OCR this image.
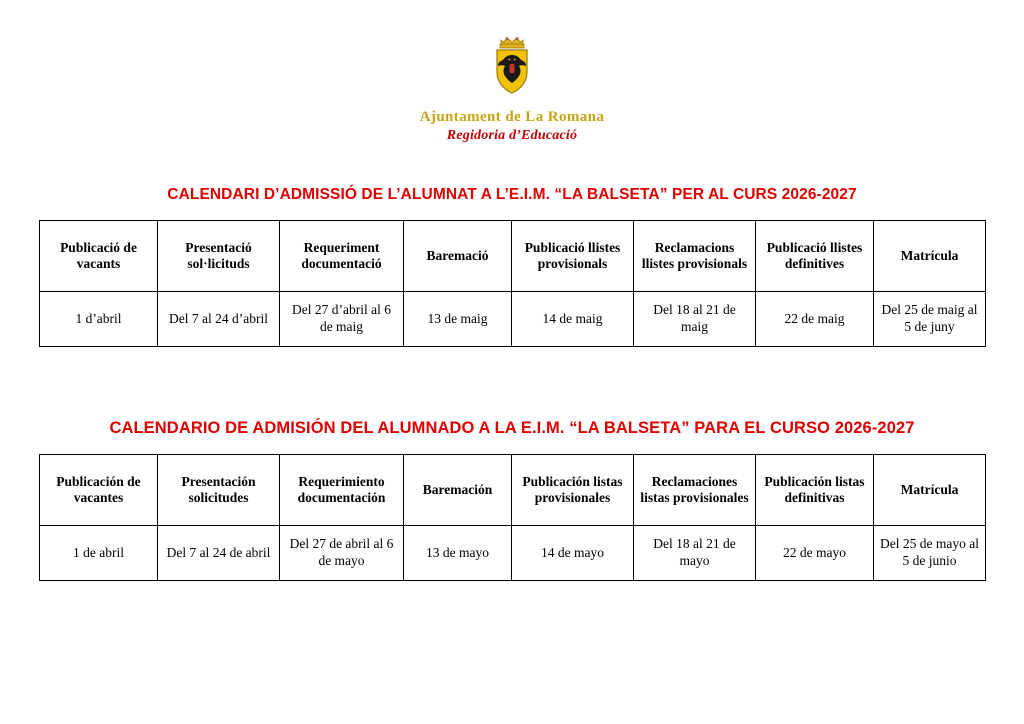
Ajuntament de La Romana
Regidoria d’Educació
CALENDARI D’ADMISSIÓ DE L’ALUMNAT A L’E.I.M. “LA BALSETA” PER AL CURS 2026-2027
Publicació de vacants	Presentació sol·licituds	Requeriment documentació	Baremació	Publicació llistes provisionals	Reclamacions llistes provisionals	Publicació llistes definitives	Matrícula
1 d’abril	Del 7 al 24 d’abril	Del 27 d’abril al 6 de maig	13 de maig	14 de maig	Del 18 al 21 de maig	22 de maig	Del 25 de maig al 5 de juny
CALENDARIO DE ADMISIÓN DEL ALUMNADO A LA E.I.M. “LA BALSETA” PARA EL CURSO 2026-2027
Publicación de vacantes	Presentación solicitudes	Requerimiento documentación	Baremación	Publicación listas provisionales	Reclamaciones listas provisionales	Publicación listas definitivas	Matrícula
1 de abril	Del 7 al 24 de abril	Del 27 de abril al 6 de mayo	13 de mayo	14 de mayo	Del 18 al 21 de mayo	22 de mayo	Del 25 de mayo al 5 de junio
